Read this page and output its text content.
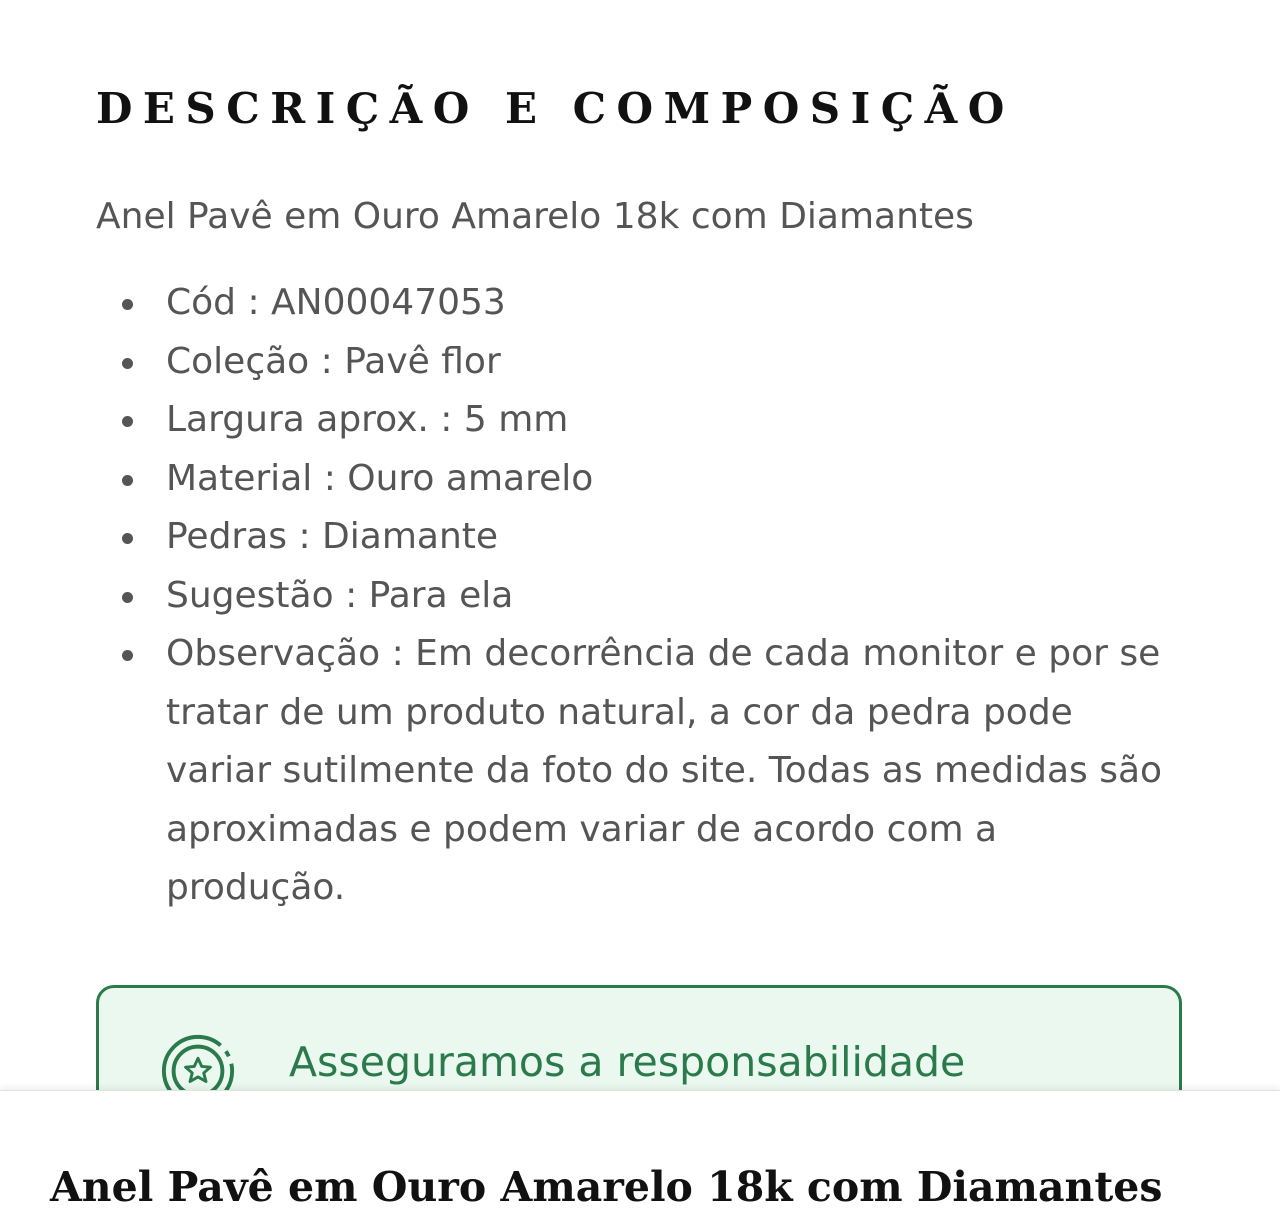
DESCRIÇÃO E COMPOSIÇÃO

Anel Pavê em Ouro Amarelo 18k com Diamantes

Cód : AN00047053
Coleção : Pavê flor
Largura aprox. : 5 mm
Material : Ouro amarelo
Pedras : Diamante
Sugestão : Para ela
Observação : Em decorrência de cada monitor e por se tratar de um produto natural, a cor da pedra pode variar sutilmente da foto do site. Todas as medidas são aproximadas e podem variar de acordo com a produção.
Asseguramos a responsabilidade
Anel Pavê em Ouro Amarelo 18k com Diamantes
